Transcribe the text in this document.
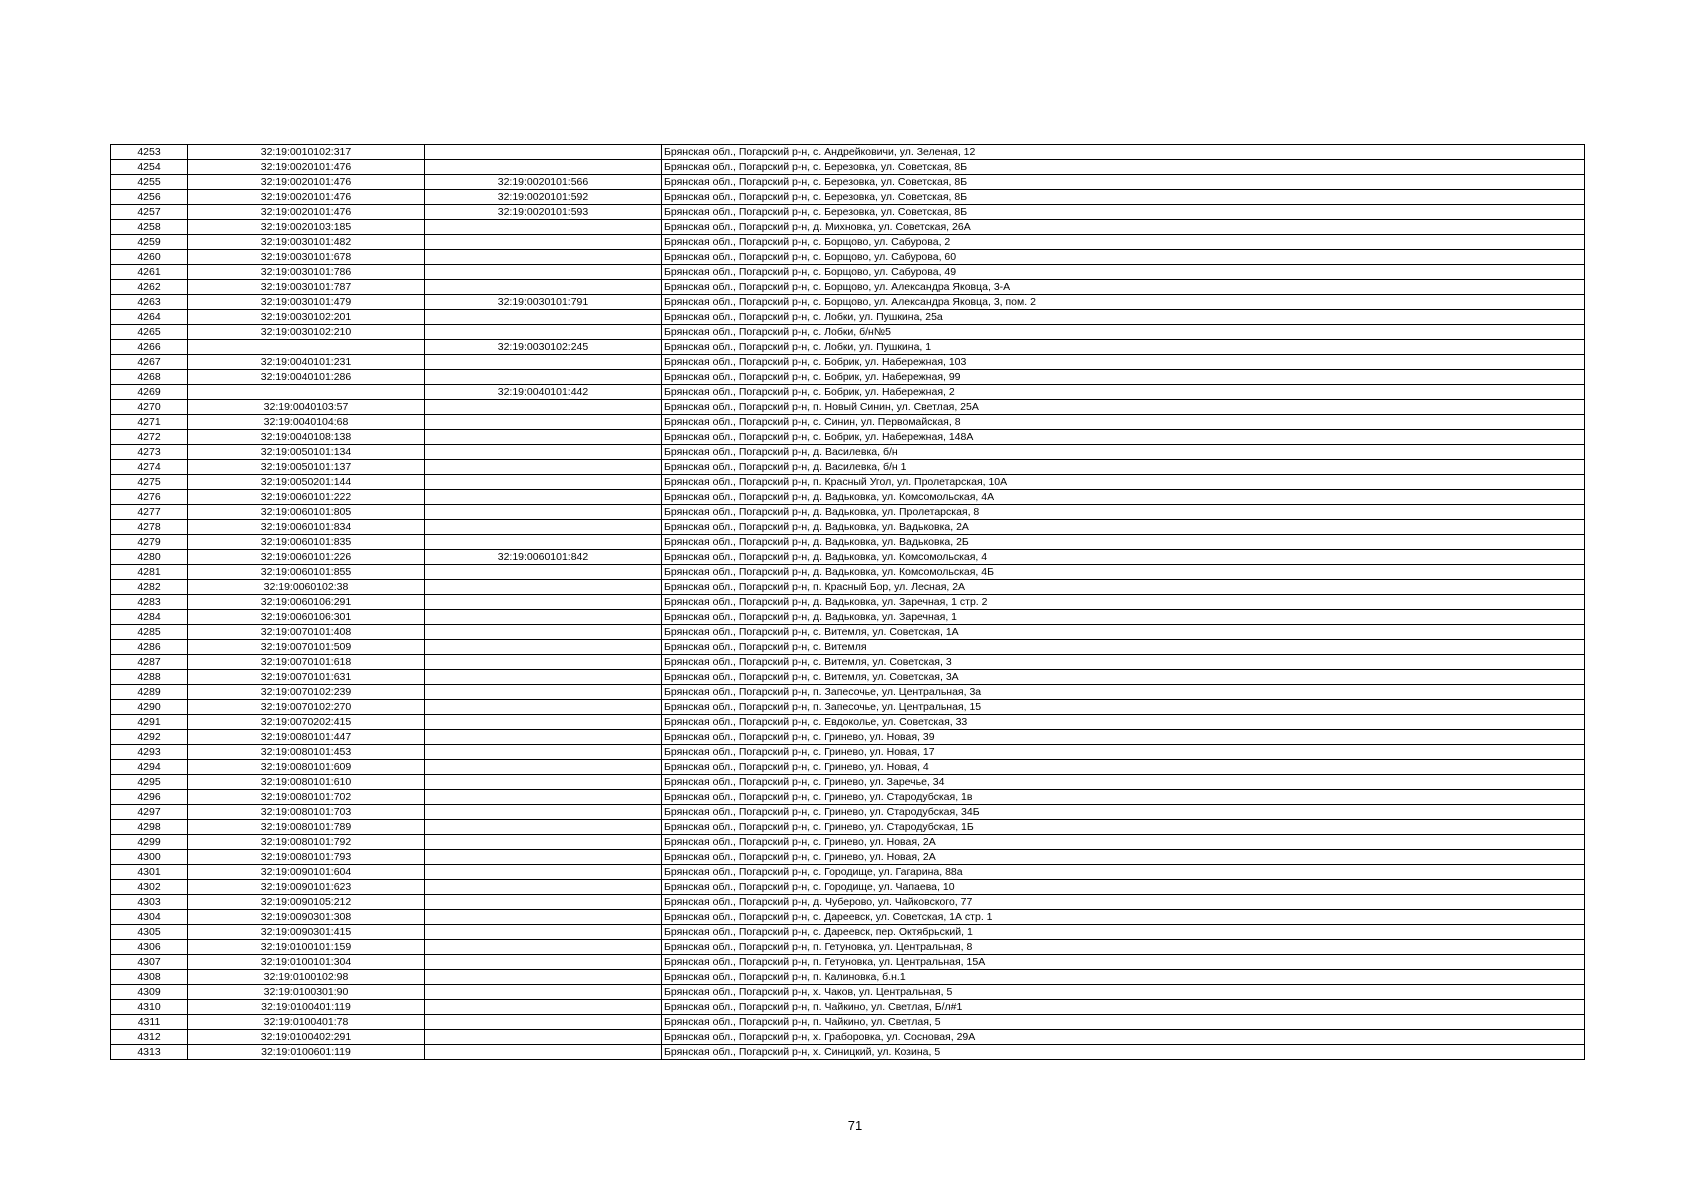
4253	32:19:0010102:317		Брянская обл., Погарский р-н, с. Андрейковичи, ул. Зеленая, 12
4254	32:19:0020101:476		Брянская обл., Погарский р-н, с. Березовка, ул. Советская, 8Б
4255	32:19:0020101:476	32:19:0020101:566	Брянская обл., Погарский р-н, с. Березовка, ул. Советская, 8Б
4256	32:19:0020101:476	32:19:0020101:592	Брянская обл., Погарский р-н, с. Березовка, ул. Советская, 8Б
4257	32:19:0020101:476	32:19:0020101:593	Брянская обл., Погарский р-н, с. Березовка, ул. Советская, 8Б
4258	32:19:0020103:185		Брянская обл., Погарский р-н, д. Михновка, ул. Советская, 26А
4259	32:19:0030101:482		Брянская обл., Погарский р-н, с. Борщово, ул. Сабурова, 2
4260	32:19:0030101:678		Брянская обл., Погарский р-н, с. Борщово, ул. Сабурова, 60
4261	32:19:0030101:786		Брянская обл., Погарский р-н, с. Борщово, ул. Сабурова, 49
4262	32:19:0030101:787		Брянская обл., Погарский р-н, с. Борщово, ул. Александра Яковца, 3-А
4263	32:19:0030101:479	32:19:0030101:791	Брянская обл., Погарский р-н, с. Борщово, ул. Александра Яковца, 3, пом. 2
4264	32:19:0030102:201		Брянская обл., Погарский р-н, с. Лобки, ул. Пушкина, 25а
4265	32:19:0030102:210		Брянская обл., Погарский р-н, с. Лобки, б/н№5
4266		32:19:0030102:245	Брянская обл., Погарский р-н, с. Лобки, ул. Пушкина, 1
4267	32:19:0040101:231		Брянская обл., Погарский р-н, с. Бобрик, ул. Набережная, 103
4268	32:19:0040101:286		Брянская обл., Погарский р-н, с. Бобрик, ул. Набережная, 99
4269		32:19:0040101:442	Брянская обл., Погарский р-н, с. Бобрик, ул. Набережная, 2
4270	32:19:0040103:57		Брянская обл., Погарский р-н, п. Новый Синин, ул. Светлая, 25А
4271	32:19:0040104:68		Брянская обл., Погарский р-н, с. Синин, ул. Первомайская, 8
4272	32:19:0040108:138		Брянская обл., Погарский р-н, с. Бобрик, ул. Набережная, 148А
4273	32:19:0050101:134		Брянская обл., Погарский р-н, д. Василевка, б/н
4274	32:19:0050101:137		Брянская обл., Погарский р-н, д. Василевка, б/н 1
4275	32:19:0050201:144		Брянская обл., Погарский р-н, п. Красный Угол, ул. Пролетарская, 10А
4276	32:19:0060101:222		Брянская обл., Погарский р-н, д. Вадьковка, ул. Комсомольская, 4А
4277	32:19:0060101:805		Брянская обл., Погарский р-н, д. Вадьковка, ул. Пролетарская, 8
4278	32:19:0060101:834		Брянская обл., Погарский р-н, д. Вадьковка, ул. Вадьковка, 2А
4279	32:19:0060101:835		Брянская обл., Погарский р-н, д. Вадьковка, ул. Вадьковка, 2Б
4280	32:19:0060101:226	32:19:0060101:842	Брянская обл., Погарский р-н, д. Вадьковка, ул. Комсомольская, 4
4281	32:19:0060101:855		Брянская обл., Погарский р-н, д. Вадьковка, ул. Комсомольская, 4Б
4282	32:19:0060102:38		Брянская обл., Погарский р-н, п. Красный Бор, ул. Лесная, 2А
4283	32:19:0060106:291		Брянская обл., Погарский р-н, д. Вадьковка, ул. Заречная, 1 стр. 2
4284	32:19:0060106:301		Брянская обл., Погарский р-н, д. Вадьковка, ул. Заречная, 1
4285	32:19:0070101:408		Брянская обл., Погарский р-н, с. Витемля, ул. Советская, 1А
4286	32:19:0070101:509		Брянская обл., Погарский р-н, с. Витемля
4287	32:19:0070101:618		Брянская обл., Погарский р-н, с. Витемля, ул. Советская, 3
4288	32:19:0070101:631		Брянская обл., Погарский р-н, с. Витемля, ул. Советская, 3А
4289	32:19:0070102:239		Брянская обл., Погарский р-н, п. Запесочье, ул. Центральная, 3а
4290	32:19:0070102:270		Брянская обл., Погарский р-н, п. Запесочье, ул. Центральная, 15
4291	32:19:0070202:415		Брянская обл., Погарский р-н, с. Евдоколье, ул. Советская, 33
4292	32:19:0080101:447		Брянская обл., Погарский р-н, с. Гринево, ул. Новая, 39
4293	32:19:0080101:453		Брянская обл., Погарский р-н, с. Гринево, ул. Новая, 17
4294	32:19:0080101:609		Брянская обл., Погарский р-н, с. Гринево, ул. Новая, 4
4295	32:19:0080101:610		Брянская обл., Погарский р-н, с. Гринево, ул. Заречье, 34
4296	32:19:0080101:702		Брянская обл., Погарский р-н, с. Гринево, ул. Стародубская, 1в
4297	32:19:0080101:703		Брянская обл., Погарский р-н, с. Гринево, ул. Стародубская, 34Б
4298	32:19:0080101:789		Брянская обл., Погарский р-н, с. Гринево, ул. Стародубская, 1Б
4299	32:19:0080101:792		Брянская обл., Погарский р-н, с. Гринево, ул. Новая, 2А
4300	32:19:0080101:793		Брянская обл., Погарский р-н, с. Гринево, ул. Новая, 2А
4301	32:19:0090101:604		Брянская обл., Погарский р-н, с. Городище, ул. Гагарина, 88а
4302	32:19:0090101:623		Брянская обл., Погарский р-н, с. Городище, ул. Чапаева, 10
4303	32:19:0090105:212		Брянская обл., Погарский р-н, д. Чуберово, ул. Чайковского, 77
4304	32:19:0090301:308		Брянская обл., Погарский р-н, с. Дареевск, ул. Советская, 1А стр. 1
4305	32:19:0090301:415		Брянская обл., Погарский р-н, с. Дареевск, пер. Октябрьский, 1
4306	32:19:0100101:159		Брянская обл., Погарский р-н, п. Гетуновка, ул. Центральная, 8
4307	32:19:0100101:304		Брянская обл., Погарский р-н, п. Гетуновка, ул. Центральная, 15А
4308	32:19:0100102:98		Брянская обл., Погарский р-н, п. Калиновка, б.н.1
4309	32:19:0100301:90		Брянская обл., Погарский р-н, х. Чаков, ул. Центральная, 5
4310	32:19:0100401:119		Брянская обл., Погарский р-н, п. Чайкино, ул. Светлая, Б/л#1
4311	32:19:0100401:78		Брянская обл., Погарский р-н, п. Чайкино, ул. Светлая, 5
4312	32:19:0100402:291		Брянская обл., Погарский р-н, х. Граборовка, ул. Сосновая, 29А
4313	32:19:0100601:119		Брянская обл., Погарский р-н, х. Синицкий, ул. Козина, 5
71
